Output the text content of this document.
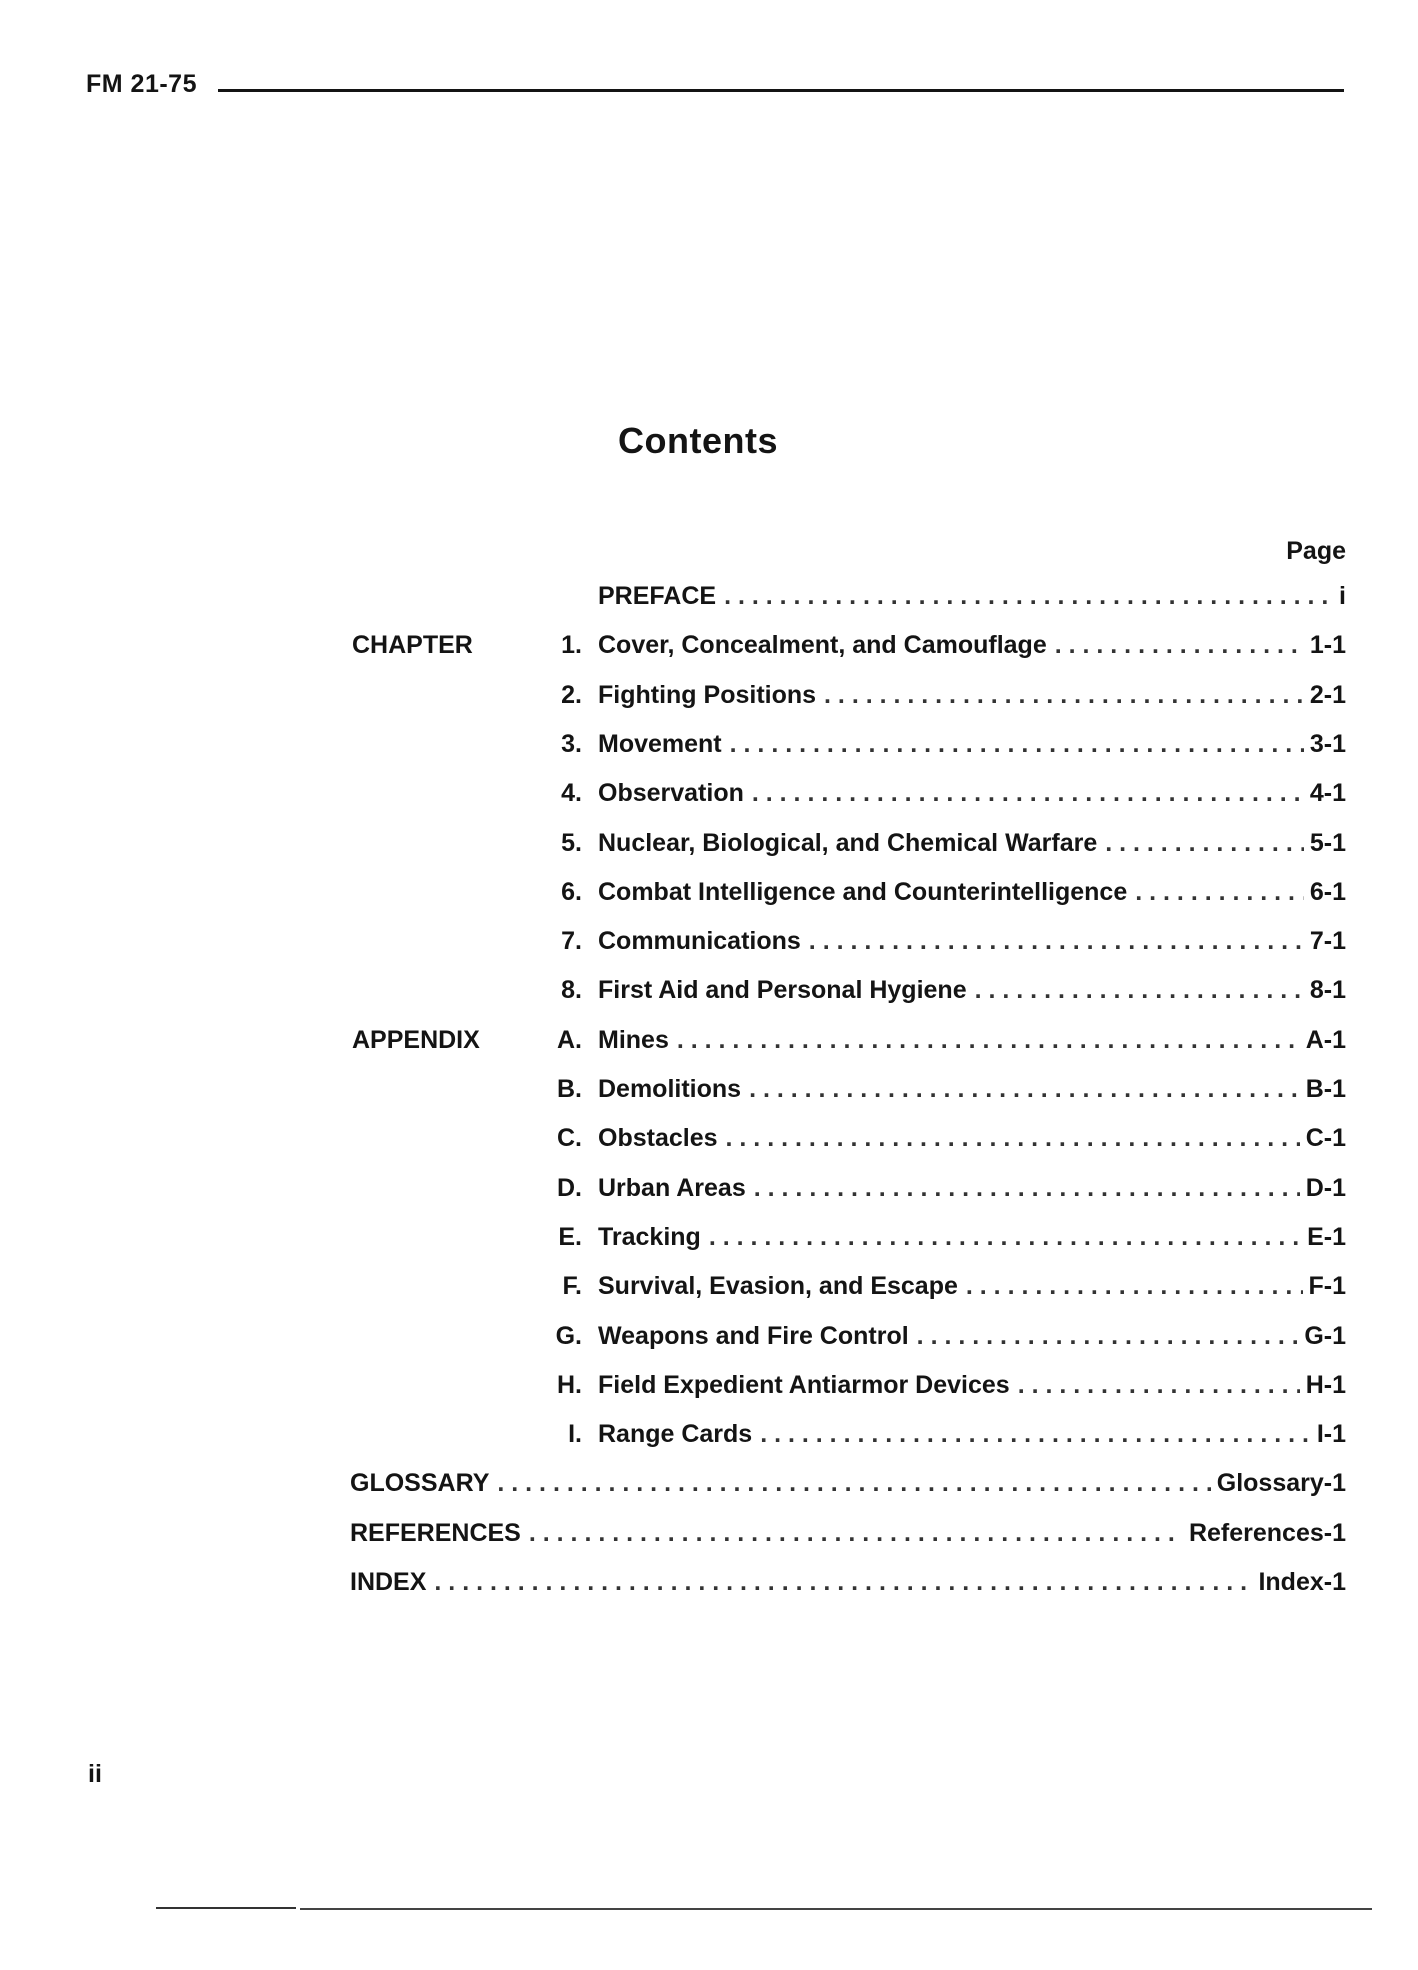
FM 21-75
Contents
Page
PREFACE . . .	i
CHAPTER	1. Cover, Concealment, and Camouflage . . .	1-1
2. Fighting Positions . . .	2-1
3. Movement . . .	3-1
4. Observation . . .	4-1
5. Nuclear, Biological, and Chemical Warfare . . .	5-1
6. Combat Intelligence and Counterintelligence . . .	6-1
7. Communications . . .	7-1
8. First Aid and Personal Hygiene . . .	8-1
APPENDIX	A. Mines . . .	A-1
B. Demolitions . . .	B-1
C. Obstacles . . .	C-1
D. Urban Areas . . .	D-1
E. Tracking . . .	E-1
F. Survival, Evasion, and Escape . . .	F-1
G. Weapons and Fire Control . . .	G-1
H. Field Expedient Antiarmor Devices . . .	H-1
I. Range Cards . . .	I-1
GLOSSARY . . .	Glossary-1
REFERENCES . . .	References-1
INDEX . . .	Index-1
ii
